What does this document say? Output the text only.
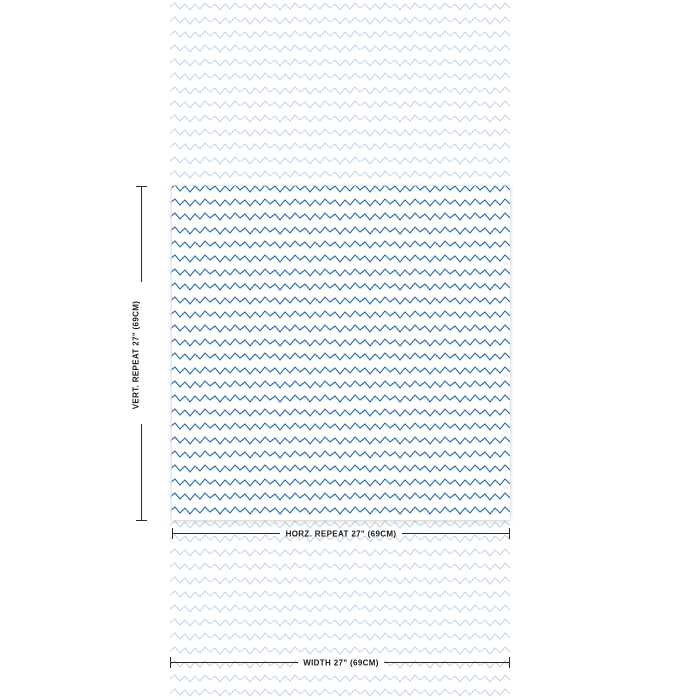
VERT. REPEAT 27" (69CM)
HORZ. REPEAT 27" (69CM)
WIDTH 27" (69CM)
